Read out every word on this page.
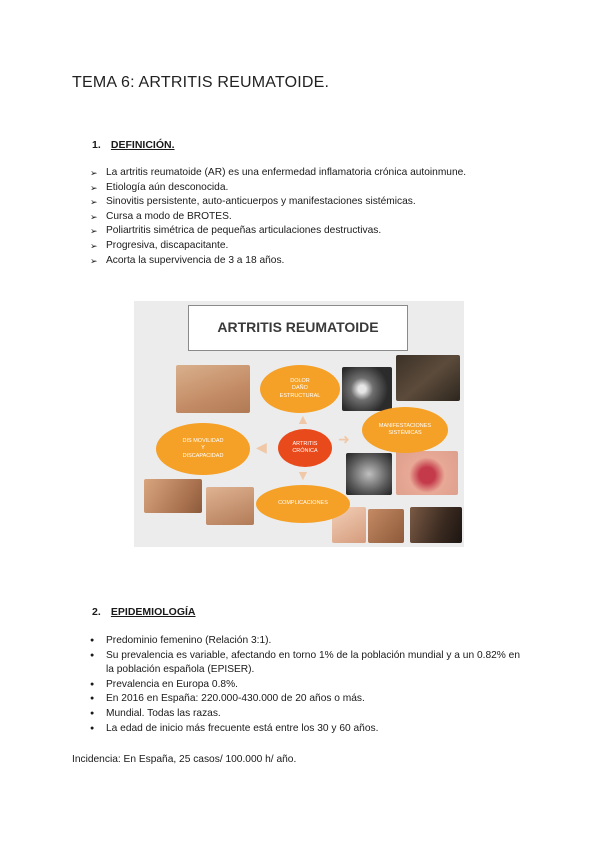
TEMA 6: ARTRITIS REUMATOIDE.
1. DEFINICIÓN.
➢ La artritis reumatoide (AR) es una enfermedad inflamatoria crónica autoinmune.
➢ Etiología aún desconocida.
➢ Sinovitis persistente, auto-anticuerpos y manifestaciones sistémicas.
➢ Cursa a modo de BROTES.
➢ Poliartritis simétrica de pequeñas articulaciones destructivas.
➢ Progresiva, discapacitante.
➢ Acorta la supervivencia de 3 a 18 años.
ARTRITIS REUMATOIDE
DOLOR
DAÑO
ESTRUCTURAL
MANIFESTACIONES
SISTÉMICAS
DIS MOVILIDAD
Y
DISCAPACIDAD
ARTRITIS
CRÓNICA
COMPLICACIONES
▲
➜
◀
▼
2. EPIDEMIOLOGÍA
● Predominio femenino (Relación 3:1).
● Su prevalencia es variable, afectando en torno 1% de la población mundial y a un 0.82% en la población española (EPISER).
● Prevalencia en Europa 0.8%.
● En 2016 en España: 220.000-430.000 de 20 años o más.
● Mundial. Todas las razas.
● La edad de inicio más frecuente está entre los 30 y 60 años.
Incidencia: En España, 25 casos/ 100.000 h/ año.
